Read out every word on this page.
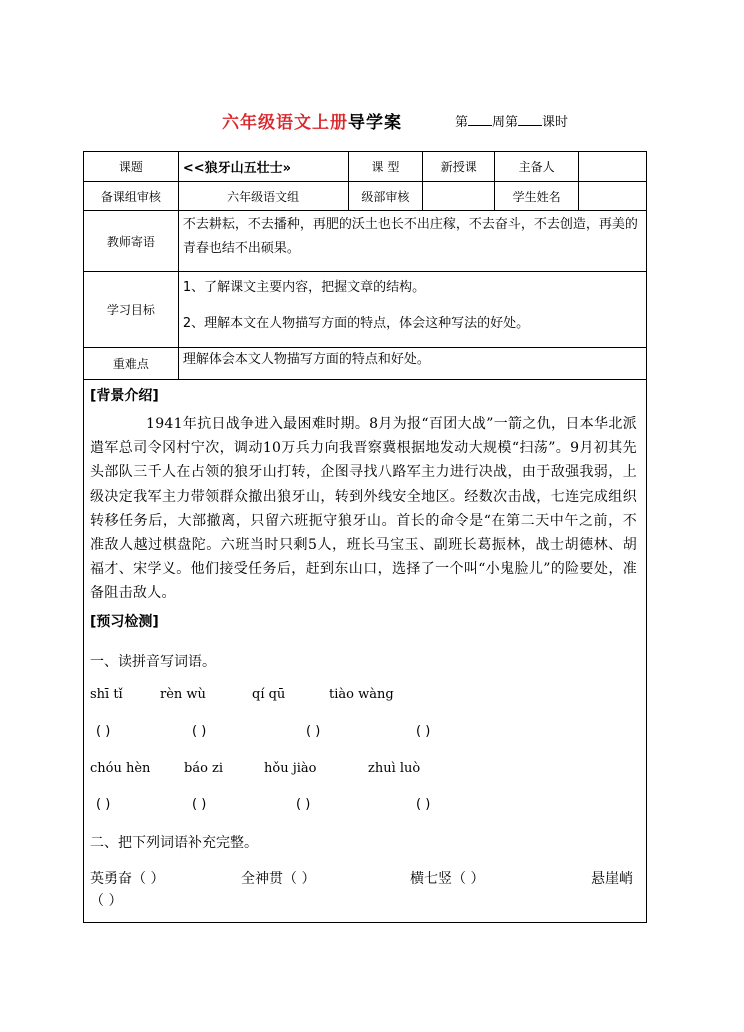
六年级语文上册导学案	第 周第 课时
课题	<<狼牙山五壮士»	课 型	新授课	主备人	
备课组审核	六年级语文组	级部审核		学生姓名	
教师寄语	不去耕耘，不去播种，再肥的沃土也长不出庄稼，不去奋斗，不去创造，再美的青春也结不出硕果。				
学习目标	1、了解课文主要内容，把握文章的结构。
2、理解本文在人物描写方面的特点，体会这种写法的好处。				

重难点	理解体会本文人物描写方面的特点和好处。				
[背景介绍]
1941年抗日战争进入最困难时期。8月为报“百团大战”一箭之仇，日本华北派遣军总司令冈村宁次，调动10万兵力向我晋察冀根据地发动大规模“扫荡”。9月初其先头部队三千人在占领的狼牙山打转，企图寻找八路军主力进行决战，由于敌强我弱，上级决定我军主力带领群众撤出狼牙山，转到外线安全地区。经数次击战，七连完成组织转移任务后，大部撤离，只留六班扼守狼牙山。首长的命令是“在第二天中午之前，不准敌人越过棋盘陀。六班当时只剩5人，班长马宝玉、副班长葛振林，战士胡德林、胡福才、宋学义。他们接受任务后，赶到东山口，选择了一个叫“小鬼脸儿”的险要处，准备阻击敌人。
[预习检测]
一、读拼音写词语。
shī tǐ	rèn wù	qí qū	tiào wàng
( )	( )	( )	( )
chóu hèn	báo zi	hǒu jiào	zhuì luò
( )	( )	( )	( )
二、把下列词语补充完整。
英勇奋（ ）	全神贯（ ）	横七竖（ ）	悬崖峭
（ ）
